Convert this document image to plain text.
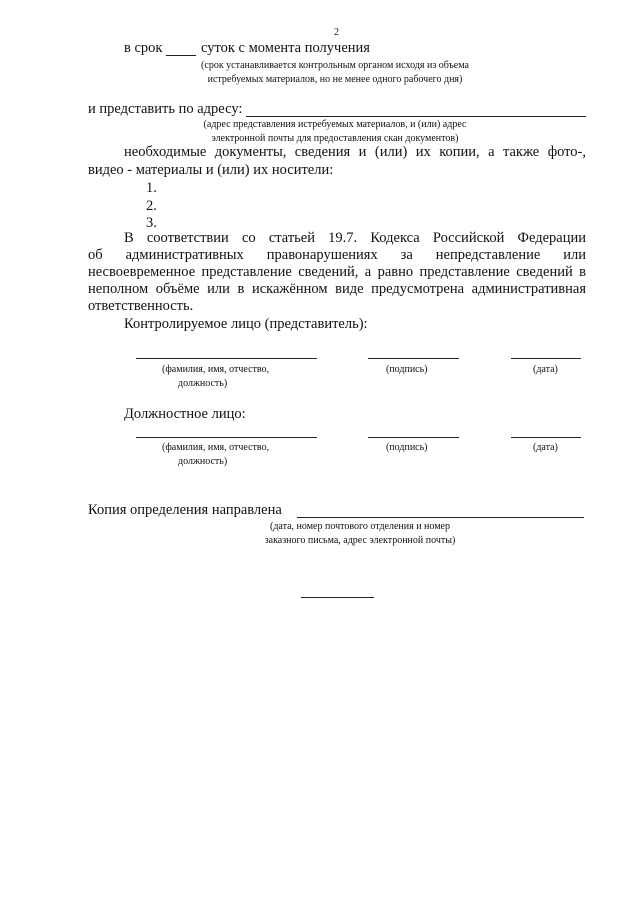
2
в срок	суток с момента получения
(срок устанавливается контрольным органом исходя из объема
истребуемых материалов, но не менее одного рабочего дня)
и представить по адресу:
(адрес представления истребуемых материалов, и (или) адрес
электронной почты для предоставления скан документов)
необходимые документы, сведения и (или) их копии, а также фото-,
видео - материалы и (или) их носители:
1.
2.
3.
В соответствии со статьей 19.7. Кодекса Российской Федерации
об административных правонарушениях за непредставление или
несвоевременное представление сведений, а равно представление сведений в
неполном объёме или в искажённом виде предусмотрена административная
ответственность.
Контролируемое лицо (представитель):
(фамилия, имя, отчество,
должность)
(подпись)	(дата)
Должностное лицо:
(фамилия, имя, отчество,
должность)
(подпись)	(дата)
Копия определения направлена
(дата, номер почтового отделения и номер
заказного письма, адрес электронной почты)
